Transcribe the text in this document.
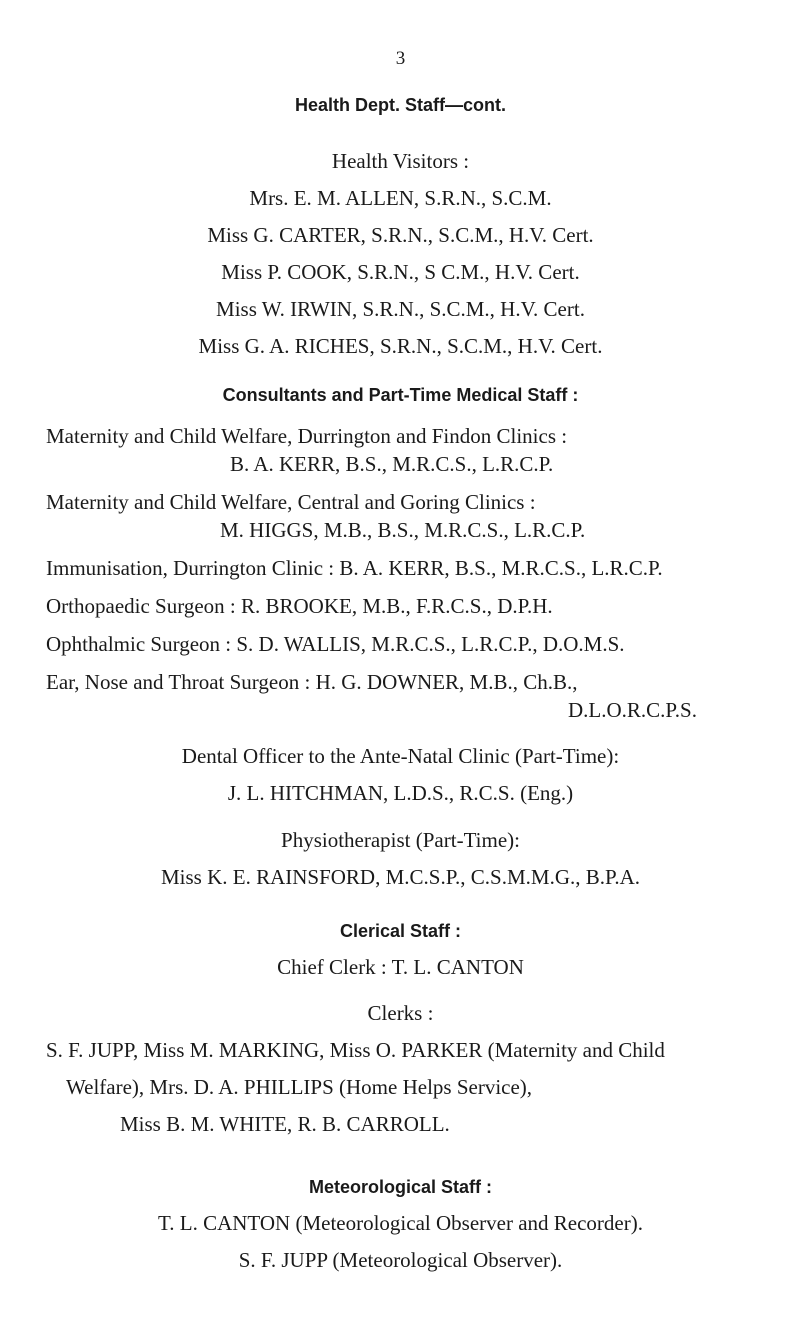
3
Health Dept. Staff—cont.
Health Visitors :
Mrs. E. M. ALLEN, S.R.N., S.C.M.
Miss G. CARTER, S.R.N., S.C.M., H.V. Cert.
Miss P. COOK, S.R.N., S C.M., H.V. Cert.
Miss W. IRWIN, S.R.N., S.C.M., H.V. Cert.
Miss G. A. RICHES, S.R.N., S.C.M., H.V. Cert.
Consultants and Part-Time Medical Staff :
Maternity and Child Welfare, Durrington and Findon Clinics :
B. A. KERR, B.S., M.R.C.S., L.R.C.P.
Maternity and Child Welfare, Central and Goring Clinics :
M. HIGGS, M.B., B.S., M.R.C.S., L.R.C.P.
Immunisation, Durrington Clinic : B. A. KERR, B.S., M.R.C.S., L.R.C.P.
Orthopaedic Surgeon : R. BROOKE, M.B., F.R.C.S., D.P.H.
Ophthalmic Surgeon : S. D. WALLIS, M.R.C.S., L.R.C.P., D.O.M.S.
Ear, Nose and Throat Surgeon : H. G. DOWNER, M.B., Ch.B.,
D.L.O.R.C.P.S.
Dental Officer to the Ante-Natal Clinic (Part-Time):
J. L. HITCHMAN, L.D.S., R.C.S. (Eng.)
Physiotherapist (Part-Time):
Miss K. E. RAINSFORD, M.C.S.P., C.S.M.M.G., B.P.A.
Clerical Staff :
Chief Clerk : T. L. CANTON
Clerks :
S. F. JUPP, Miss M. MARKING, Miss O. PARKER (Maternity and Child
Welfare), Mrs. D. A. PHILLIPS (Home Helps Service),
Miss B. M. WHITE, R. B. CARROLL.
Meteorological Staff :
T. L. CANTON (Meteorological Observer and Recorder).
S. F. JUPP (Meteorological Observer).
